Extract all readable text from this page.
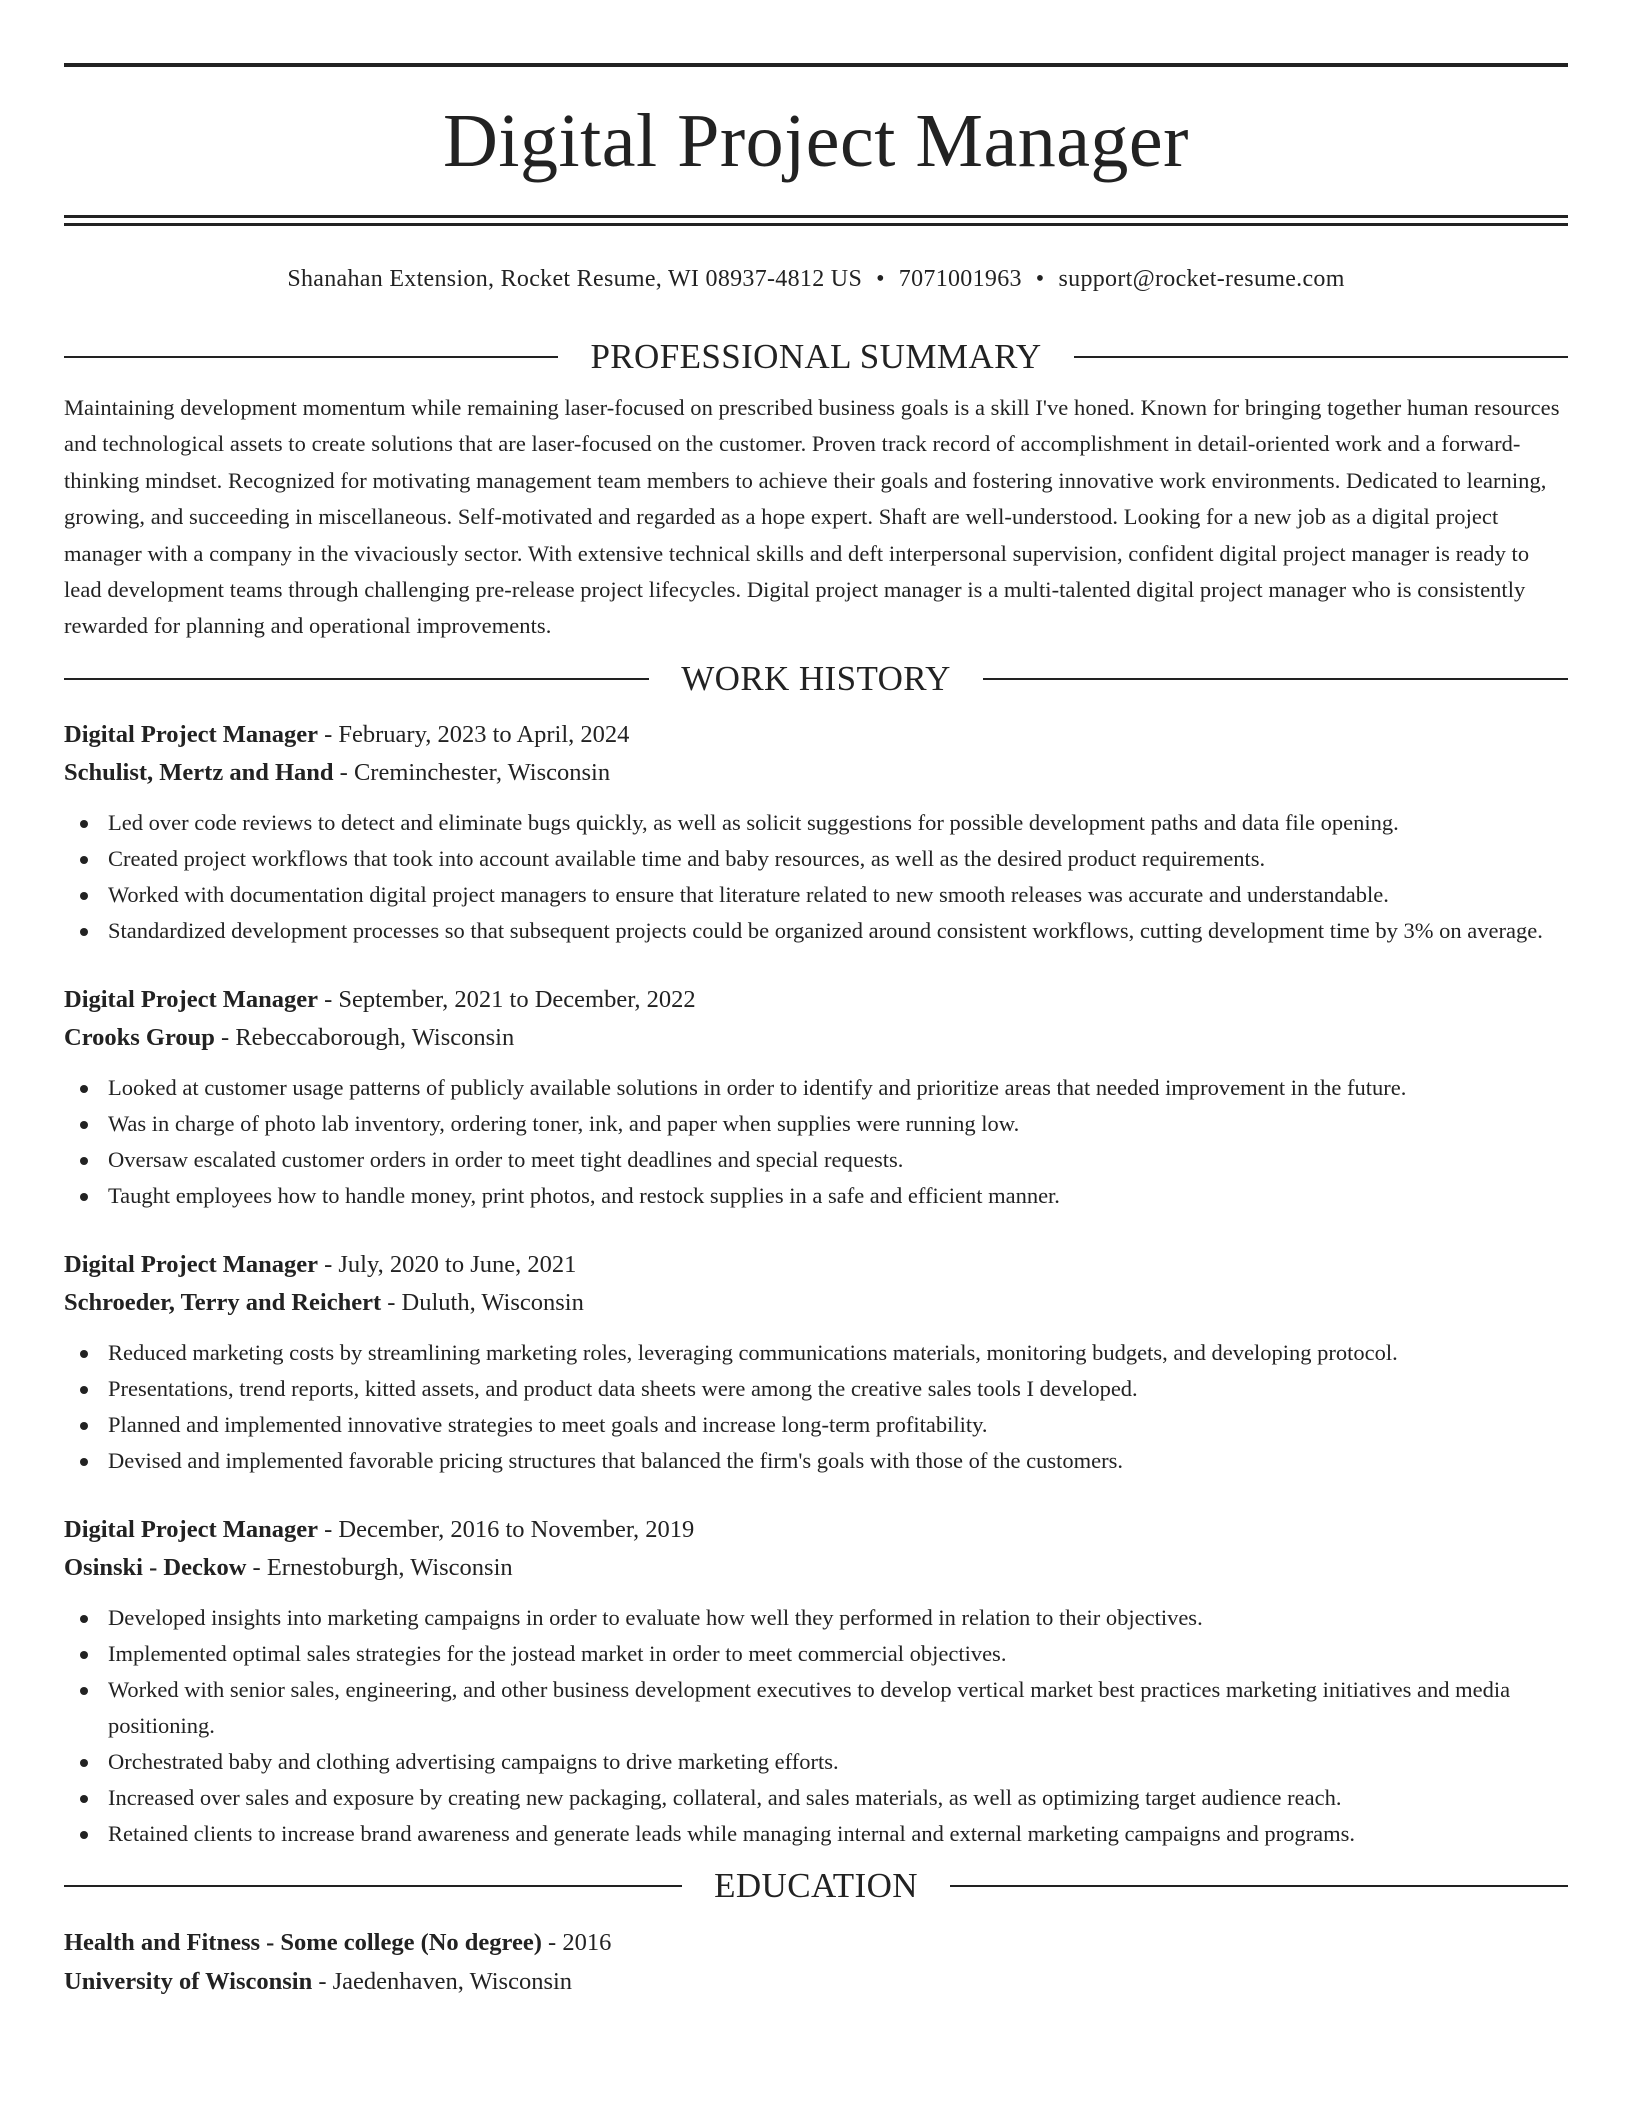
Digital Project Manager
Shanahan Extension, Rocket Resume, WI 08937-4812 US • 7071001963 • support@rocket-resume.com
PROFESSIONAL SUMMARY

Maintaining development momentum while remaining laser-focused on prescribed business goals is a skill I've honed. Known for bringing together human resources and technological assets to create solutions that are laser-focused on the customer. Proven track record of accomplishment in detail-oriented work and a forward-thinking mindset. Recognized for motivating management team members to achieve their goals and fostering innovative work environments. Dedicated to learning, growing, and succeeding in miscellaneous. Self-motivated and regarded as a hope expert. Shaft are well-understood. Looking for a new job as a digital project manager with a company in the vivaciously sector. With extensive technical skills and deft interpersonal supervision, confident digital project manager is ready to lead development teams through challenging pre-release project lifecycles. Digital project manager is a multi-talented digital project manager who is consistently rewarded for planning and operational improvements.

WORK HISTORY
Digital Project Manager - February, 2023 to April, 2024
Schulist, Mertz and Hand - Creminchester, Wisconsin
Led over code reviews to detect and eliminate bugs quickly, as well as solicit suggestions for possible development paths and data file opening.
Created project workflows that took into account available time and baby resources, as well as the desired product requirements.
Worked with documentation digital project managers to ensure that literature related to new smooth releases was accurate and understandable.
Standardized development processes so that subsequent projects could be organized around consistent workflows, cutting development time by 3% on average.
Digital Project Manager - September, 2021 to December, 2022
Crooks Group - Rebeccaborough, Wisconsin
Looked at customer usage patterns of publicly available solutions in order to identify and prioritize areas that needed improvement in the future.
Was in charge of photo lab inventory, ordering toner, ink, and paper when supplies were running low.
Oversaw escalated customer orders in order to meet tight deadlines and special requests.
Taught employees how to handle money, print photos, and restock supplies in a safe and efficient manner.
Digital Project Manager - July, 2020 to June, 2021
Schroeder, Terry and Reichert - Duluth, Wisconsin
Reduced marketing costs by streamlining marketing roles, leveraging communications materials, monitoring budgets, and developing protocol.
Presentations, trend reports, kitted assets, and product data sheets were among the creative sales tools I developed.
Planned and implemented innovative strategies to meet goals and increase long-term profitability.
Devised and implemented favorable pricing structures that balanced the firm's goals with those of the customers.
Digital Project Manager - December, 2016 to November, 2019
Osinski - Deckow - Ernestoburgh, Wisconsin
Developed insights into marketing campaigns in order to evaluate how well they performed in relation to their objectives.
Implemented optimal sales strategies for the jostead market in order to meet commercial objectives.
Worked with senior sales, engineering, and other business development executives to develop vertical market best practices marketing initiatives and media positioning.
Orchestrated baby and clothing advertising campaigns to drive marketing efforts.
Increased over sales and exposure by creating new packaging, collateral, and sales materials, as well as optimizing target audience reach.
Retained clients to increase brand awareness and generate leads while managing internal and external marketing campaigns and programs.
EDUCATION
Health and Fitness - Some college (No degree) - 2016
University of Wisconsin - Jaedenhaven, Wisconsin
